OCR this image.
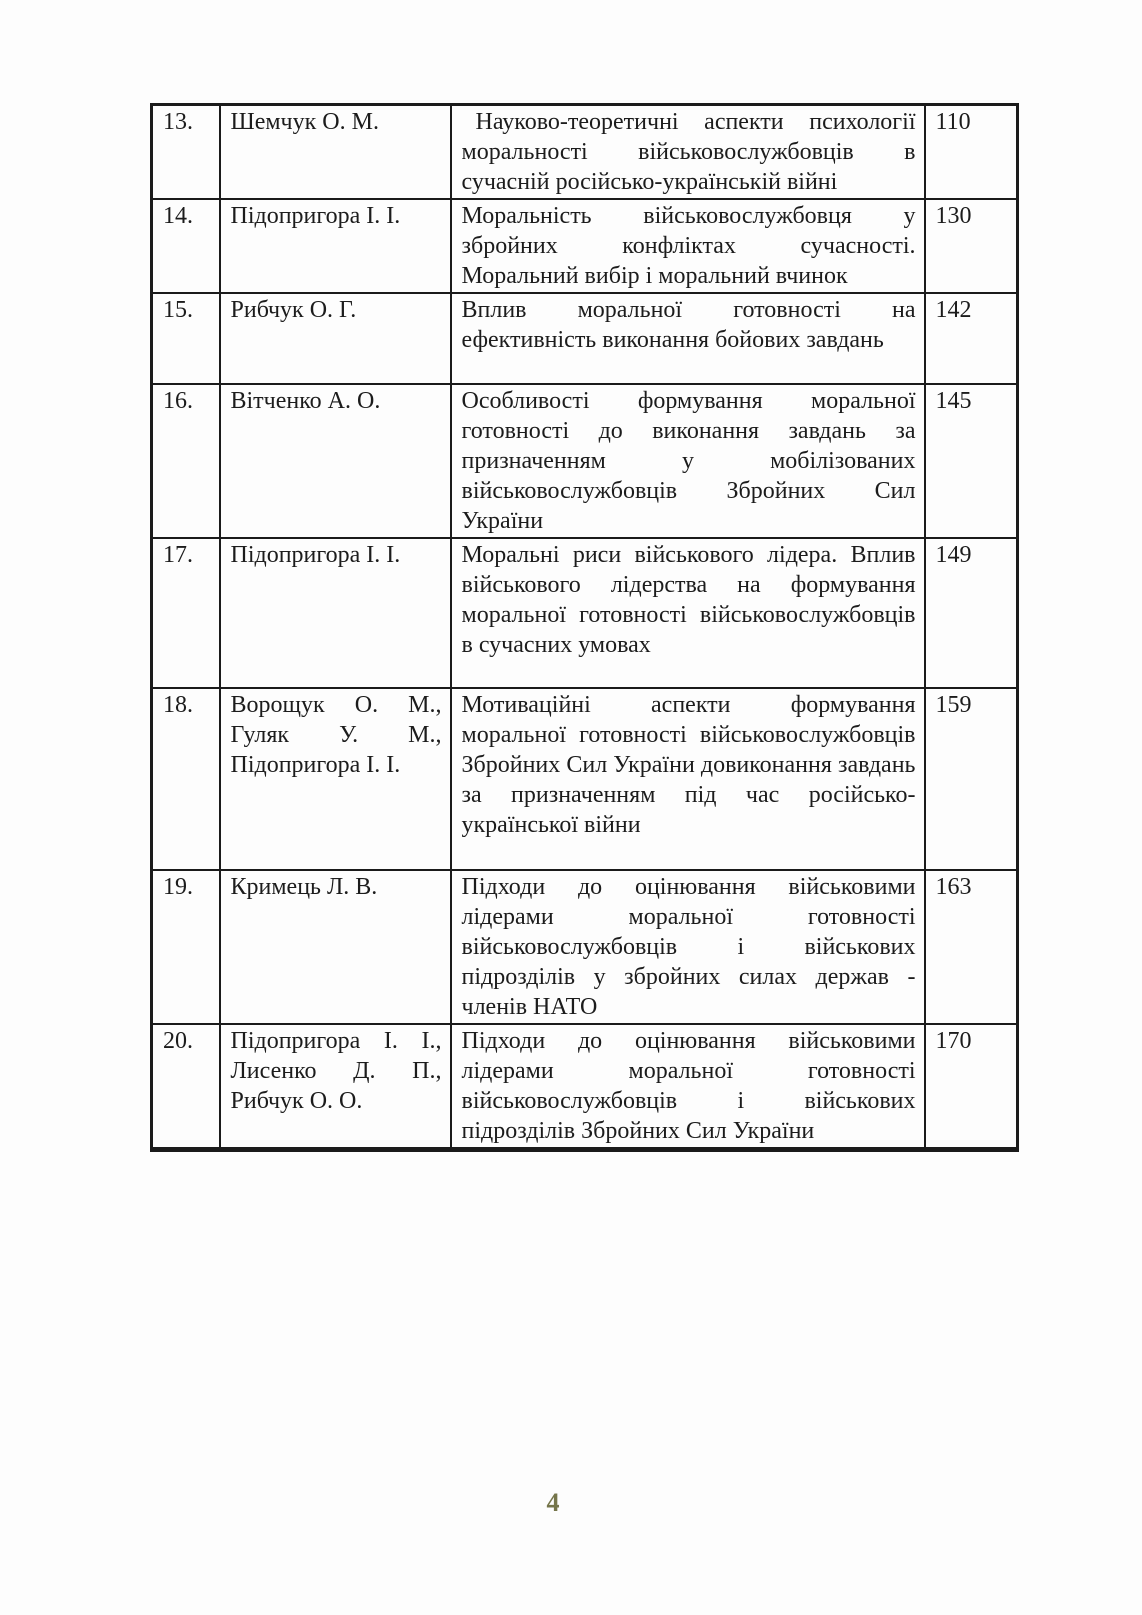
13.	Шемчук О. М.	Науково-теоретичні аспекти психології моральності військовослужбовців в сучасній російсько-українській війні	110
14.	Підопригора І. І.	Моральність військовослужбовця у збройних конфліктах сучасності. Моральний вибір і моральний вчинок	130
15.	Рибчук О. Г.	Вплив моральної готовності на ефективність виконання бойових завдань	142
16.	Вітченко А. О.	Особливості формування моральної готовності до виконання завдань за призначенням у мобілізованих військовослужбовців Збройних Сил України	145
17.	Підопригора І. І.	Моральні риси військового лідера. Вплив військового лідерства на формування моральної готовності військовослужбовців в сучасних умовах	149
18.	Ворощук О. М., Гуляк У. М., Підопригора І. І.	Мотиваційні аспекти формування моральної готовності військовослужбовців Збройних Сил України довиконання завдань за призначенням під час російсько-української війни	159
19.	Кримець Л. В.	Підходи до оцінювання військовими лідерами моральної готовності військовослужбовців і військових підрозділів у збройних силах держав - членів НАТО	163
20.	Підопригора І. І., Лисенко Д. П., Рибчук О. О.	Підходи до оцінювання військовими лідерами моральної готовності військовослужбовців і військових підрозділів Збройних Сил України	170
4
